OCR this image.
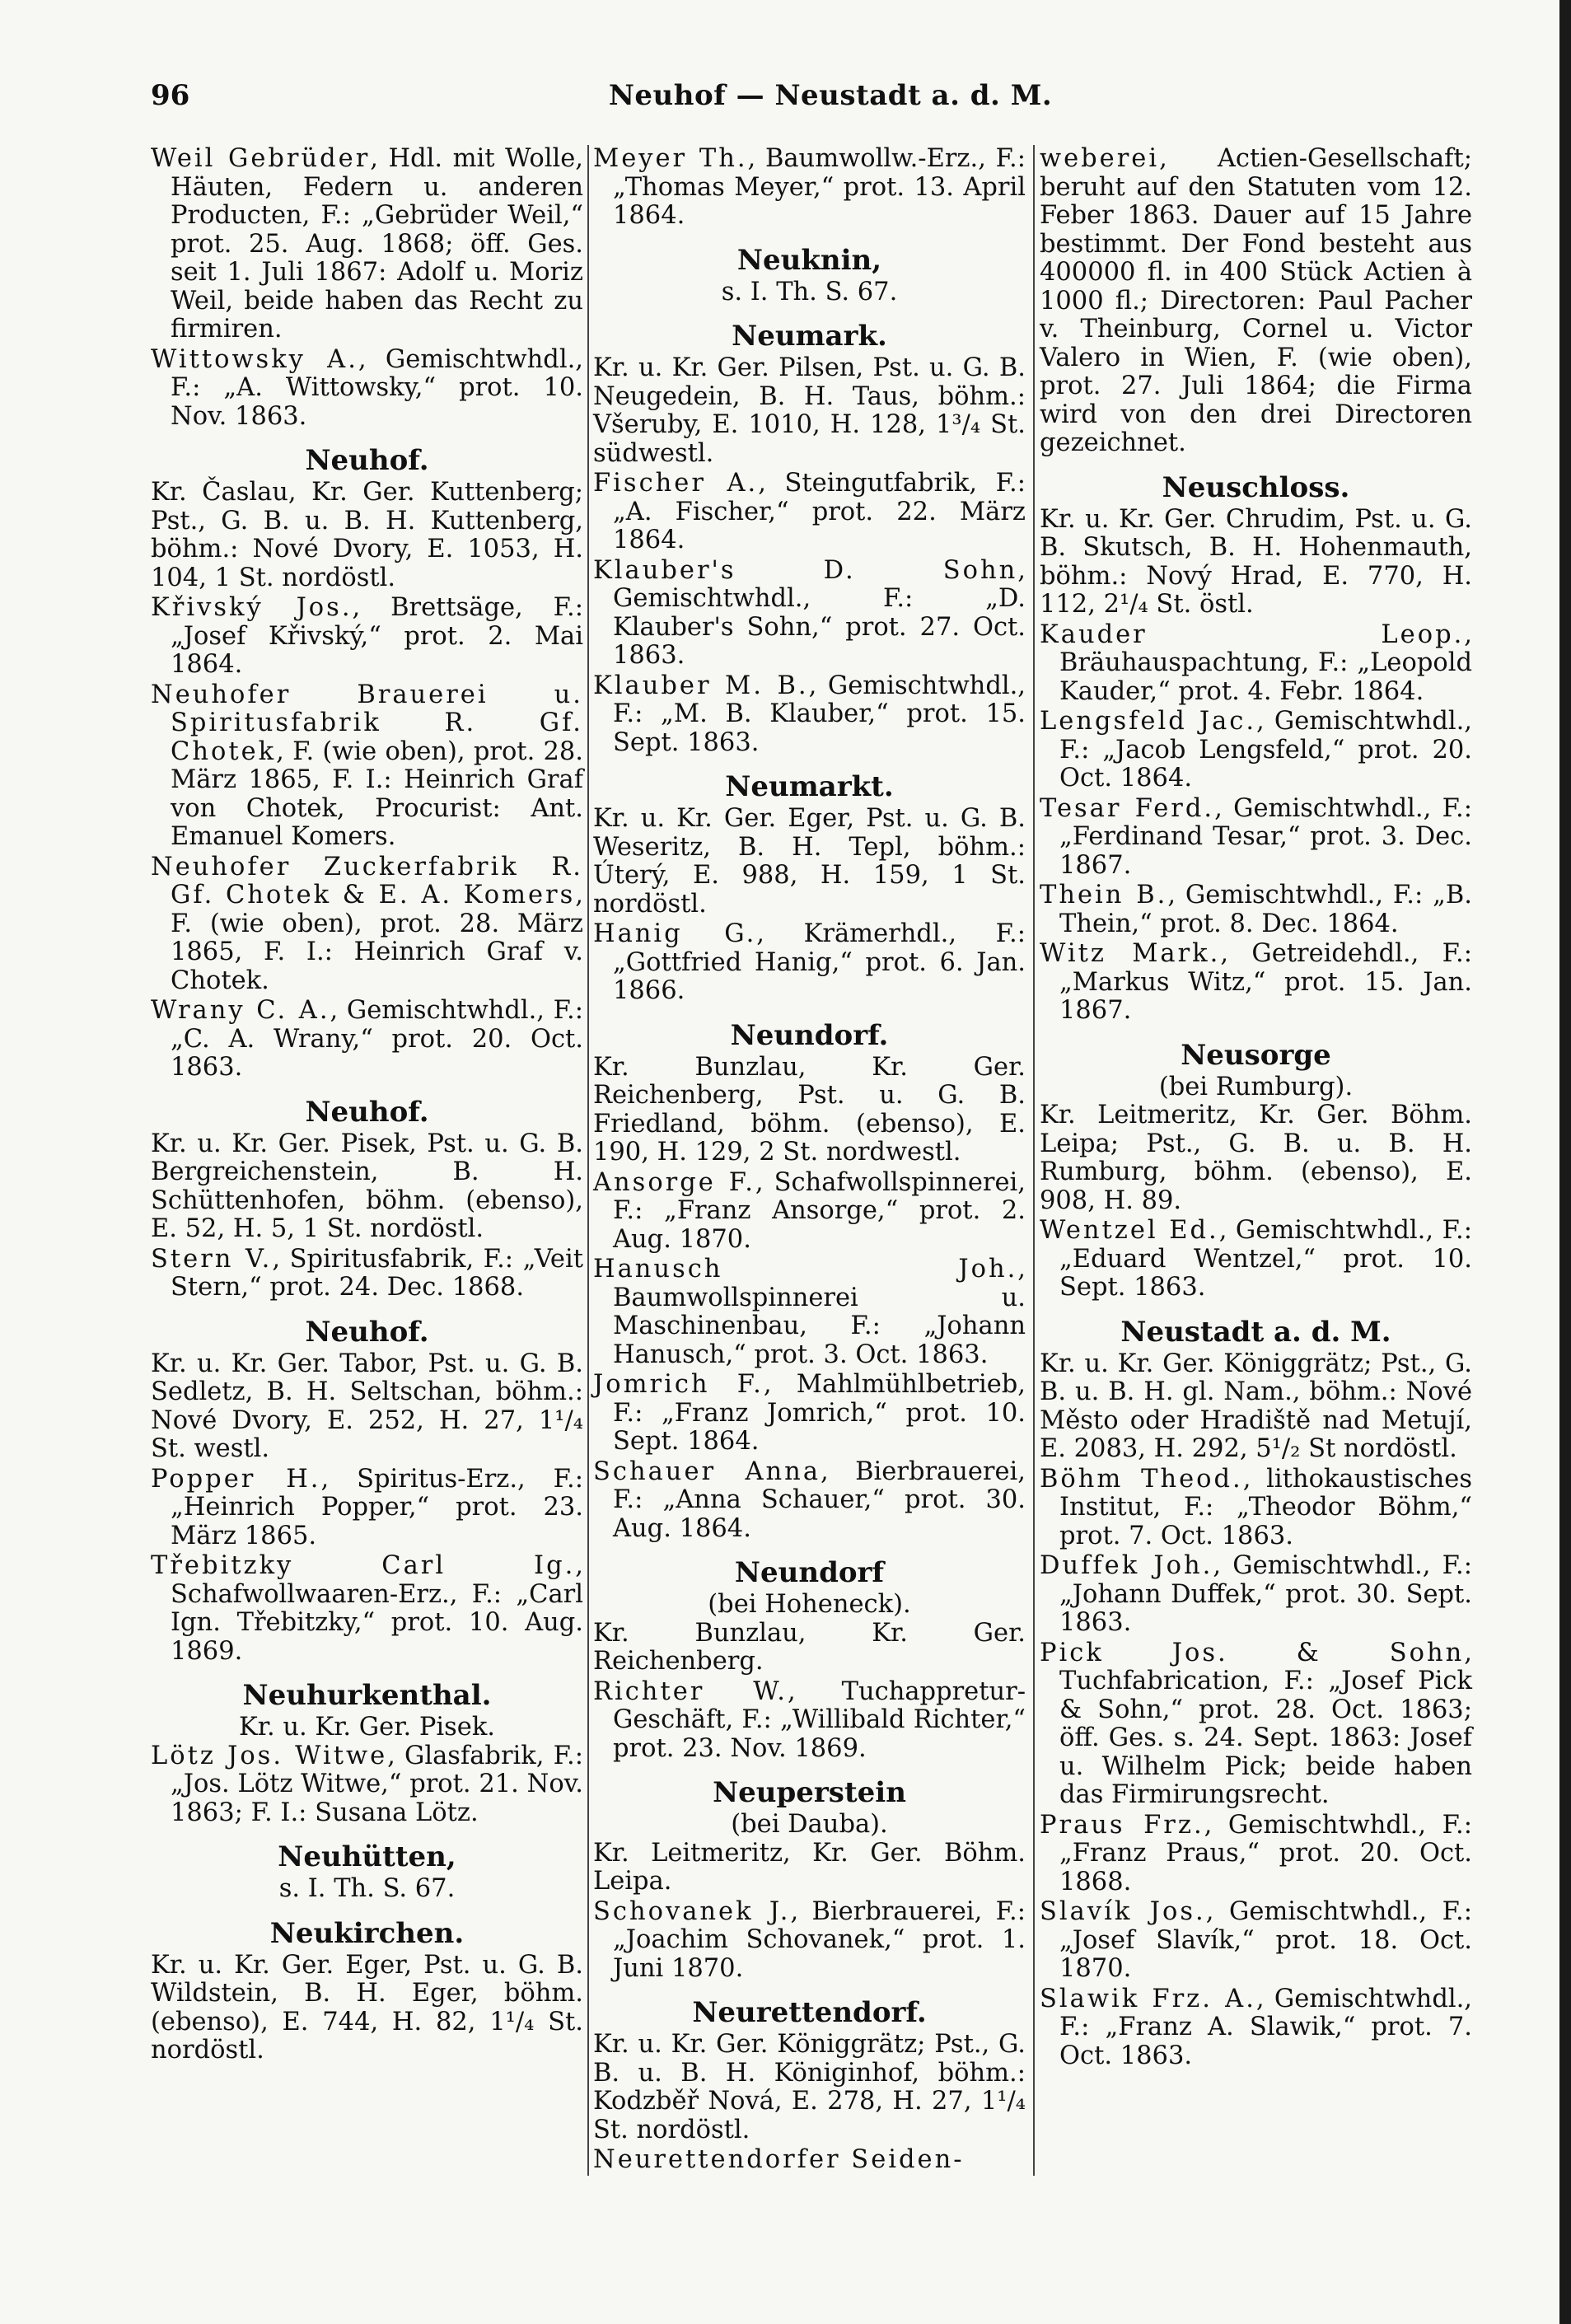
96	Neuhof — Neustadt a. d. M.
Weil Gebrüder, Hdl. mit Wolle, Häuten, Federn u. anderen Producten, F.: „Gebrüder Weil,“ prot. 25. Aug. 1868; öff. Ges. seit 1. Juli 1867: Adolf u. Moriz Weil, beide haben das Recht zu firmiren.
Wittowsky A., Gemischtwhdl., F.: „A. Wittowsky,“ prot. 10. Nov. 1863.
Neuhof.
Kr. Časlau, Kr. Ger. Kuttenberg; Pst., G. B. u. B. H. Kuttenberg, böhm.: Nové Dvory, E. 1053, H. 104, 1 St. nordöstl.
Křivský Jos., Brettsäge, F.: „Josef Křivský,“ prot. 2. Mai 1864.
Neuhofer Brauerei u. Spiritusfabrik R. Gf. Chotek, F. (wie oben), prot. 28. März 1865, F. I.: Heinrich Graf von Chotek, Procurist: Ant. Emanuel Komers.
Neuhofer Zuckerfabrik R. Gf. Chotek & E. A. Komers, F. (wie oben), prot. 28. März 1865, F. I.: Heinrich Graf v. Chotek.
Wrany C. A., Gemischtwhdl., F.: „C. A. Wrany,“ prot. 20. Oct. 1863.
Neuhof.
Kr. u. Kr. Ger. Pisek, Pst. u. G. B. Bergreichenstein, B. H. Schüttenhofen, böhm. (ebenso), E. 52, H. 5, 1 St. nordöstl.
Stern V., Spiritusfabrik, F.: „Veit Stern,“ prot. 24. Dec. 1868.
Neuhof.
Kr. u. Kr. Ger. Tabor, Pst. u. G. B. Sedletz, B. H. Seltschan, böhm.: Nové Dvory, E. 252, H. 27, 1¹/₄ St. westl.
Popper H., Spiritus-Erz., F.: „Heinrich Popper,“ prot. 23. März 1865.
Třebitzky Carl Ig., Schafwollwaaren-Erz., F.: „Carl Ign. Třebitzky,“ prot. 10. Aug. 1869.
Neuhurkenthal.
Kr. u. Kr. Ger. Pisek.
Lötz Jos. Witwe, Glasfabrik, F.: „Jos. Lötz Witwe,“ prot. 21. Nov. 1863; F. I.: Susana Lötz.
Neuhütten,
s. I. Th. S. 67.
Neukirchen.
Kr. u. Kr. Ger. Eger, Pst. u. G. B. Wildstein, B. H. Eger, böhm. (ebenso), E. 744, H. 82, 1¹/₄ St. nordöstl.
Meyer Th., Baumwollw.-Erz., F.: „Thomas Meyer,“ prot. 13. April 1864.
Neuknin,
s. I. Th. S. 67.
Neumark.
Kr. u. Kr. Ger. Pilsen, Pst. u. G. B. Neugedein, B. H. Taus, böhm.: Všeruby, E. 1010, H. 128, 1³/₄ St. südwestl.
Fischer A., Steingutfabrik, F.: „A. Fischer,“ prot. 22. März 1864.
Klauber's D. Sohn, Gemischtwhdl., F.: „D. Klauber's Sohn,“ prot. 27. Oct. 1863.
Klauber M. B., Gemischtwhdl., F.: „M. B. Klauber,“ prot. 15. Sept. 1863.
Neumarkt.
Kr. u. Kr. Ger. Eger, Pst. u. G. B. Weseritz, B. H. Tepl, böhm.: Úterý, E. 988, H. 159, 1 St. nordöstl.
Hanig G., Krämerhdl., F.: „Gottfried Hanig,“ prot. 6. Jan. 1866.
Neundorf.
Kr. Bunzlau, Kr. Ger. Reichenberg, Pst. u. G. B. Friedland, böhm. (ebenso), E. 190, H. 129, 2 St. nordwestl.
Ansorge F., Schafwollspinnerei, F.: „Franz Ansorge,“ prot. 2. Aug. 1870.
Hanusch Joh., Baumwollspinnerei u. Maschinenbau, F.: „Johann Hanusch,“ prot. 3. Oct. 1863.
Jomrich F., Mahlmühlbetrieb, F.: „Franz Jomrich,“ prot. 10. Sept. 1864.
Schauer Anna, Bierbrauerei, F.: „Anna Schauer,“ prot. 30. Aug. 1864.
Neundorf
(bei Hoheneck).
Kr. Bunzlau, Kr. Ger. Reichenberg.
Richter W., Tuchappretur-Geschäft, F.: „Willibald Richter,“ prot. 23. Nov. 1869.
Neuperstein
(bei Dauba).
Kr. Leitmeritz, Kr. Ger. Böhm. Leipa.
Schovanek J., Bierbrauerei, F.: „Joachim Schovanek,“ prot. 1. Juni 1870.
Neurettendorf.
Kr. u. Kr. Ger. Königgrätz; Pst., G. B. u. B. H. Königinhof, böhm.: Kodzběř Nová, E. 278, H. 27, 1¹/₄ St. nordöstl.
Neurettendorfer Seiden-
weberei, Actien-Gesellschaft; beruht auf den Statuten vom 12. Feber 1863. Dauer auf 15 Jahre bestimmt. Der Fond besteht aus 400000 fl. in 400 Stück Actien à 1000 fl.; Directoren: Paul Pacher v. Theinburg, Cornel u. Victor Valero in Wien, F. (wie oben), prot. 27. Juli 1864; die Firma wird von den drei Directoren gezeichnet.
Neuschloss.
Kr. u. Kr. Ger. Chrudim, Pst. u. G. B. Skutsch, B. H. Hohenmauth, böhm.: Nový Hrad, E. 770, H. 112, 2¹/₄ St. östl.
Kauder Leop., Bräuhauspachtung, F.: „Leopold Kauder,“ prot. 4. Febr. 1864.
Lengsfeld Jac., Gemischtwhdl., F.: „Jacob Lengsfeld,“ prot. 20. Oct. 1864.
Tesar Ferd., Gemischtwhdl., F.: „Ferdinand Tesar,“ prot. 3. Dec. 1867.
Thein B., Gemischtwhdl., F.: „B. Thein,“ prot. 8. Dec. 1864.
Witz Mark., Getreidehdl., F.: „Markus Witz,“ prot. 15. Jan. 1867.
Neusorge
(bei Rumburg).
Kr. Leitmeritz, Kr. Ger. Böhm. Leipa; Pst., G. B. u. B. H. Rumburg, böhm. (ebenso), E. 908, H. 89.
Wentzel Ed., Gemischtwhdl., F.: „Eduard Wentzel,“ prot. 10. Sept. 1863.
Neustadt a. d. M.
Kr. u. Kr. Ger. Königgrätz; Pst., G. B. u. B. H. gl. Nam., böhm.: Nové Město oder Hradiště nad Metují, E. 2083, H. 292, 5¹/₂ St nordöstl.
Böhm Theod., lithokaustisches Institut, F.: „Theodor Böhm,“ prot. 7. Oct. 1863.
Duffek Joh., Gemischtwhdl., F.: „Johann Duffek,“ prot. 30. Sept. 1863.
Pick Jos. & Sohn, Tuchfabrication, F.: „Josef Pick & Sohn,“ prot. 28. Oct. 1863; öff. Ges. s. 24. Sept. 1863: Josef u. Wilhelm Pick; beide haben das Firmirungsrecht.
Praus Frz., Gemischtwhdl., F.: „Franz Praus,“ prot. 20. Oct. 1868.
Slavík Jos., Gemischtwhdl., F.: „Josef Slavík,“ prot. 18. Oct. 1870.
Slawik Frz. A., Gemischtwhdl., F.: „Franz A. Slawik,“ prot. 7. Oct. 1863.
